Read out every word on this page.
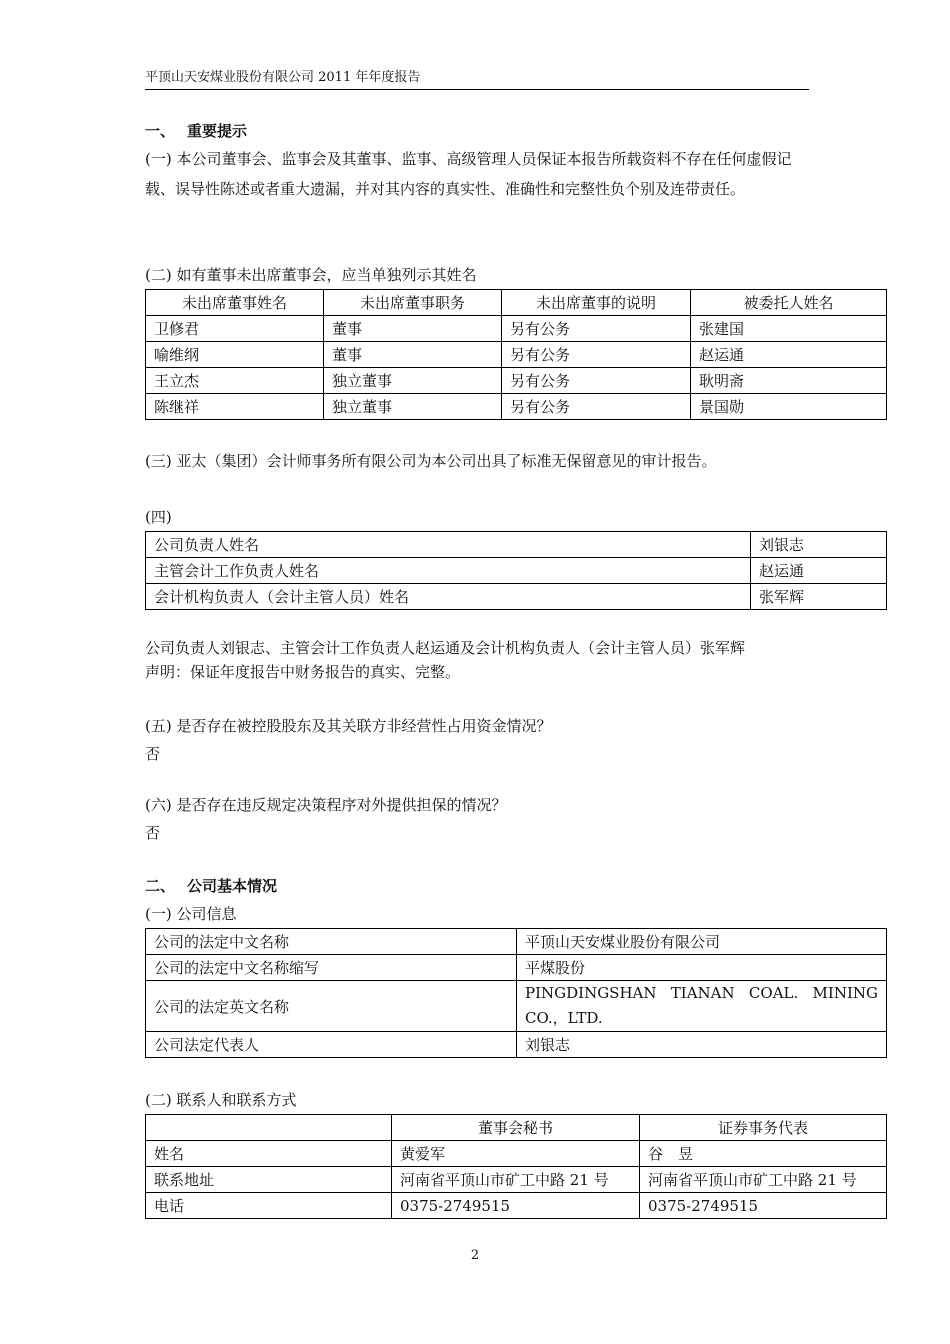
平顶山天安煤业股份有限公司 2011 年年度报告
一、 重要提示
(一) 本公司董事会、监事会及其董事、监事、高级管理人员保证本报告所载资料不存在任何虚假记载、误导性陈述或者重大遗漏，并对其内容的真实性、准确性和完整性负个别及连带责任。
(二) 如有董事未出席董事会，应当单独列示其姓名
未出席董事姓名	未出席董事职务	未出席董事的说明	被委托人姓名
卫修君	董事	另有公务	张建国
喻维纲	董事	另有公务	赵运通
王立杰	独立董事	另有公务	耿明斋
陈继祥	独立董事	另有公务	景国勋
(三) 亚太（集团）会计师事务所有限公司为本公司出具了标准无保留意见的审计报告。
(四)
公司负责人姓名	刘银志
主管会计工作负责人姓名	赵运通
会计机构负责人（会计主管人员）姓名	张军辉
公司负责人刘银志、主管会计工作负责人赵运通及会计机构负责人（会计主管人员）张军辉
声明：保证年度报告中财务报告的真实、完整。
(五) 是否存在被控股股东及其关联方非经营性占用资金情况？
否
(六) 是否存在违反规定决策程序对外提供担保的情况？
否
二、 公司基本情况
(一) 公司信息
公司的法定中文名称	平顶山天安煤业股份有限公司
公司的法定中文名称缩写	平煤股份
公司的法定英文名称	PINGDINGSHAN TIANAN COAL. MINING CO.，LTD.
公司法定代表人	刘银志
(二) 联系人和联系方式
	董事会秘书	证券事务代表
姓名	黄爱军	谷　昱
联系地址	河南省平顶山市矿工中路 21 号	河南省平顶山市矿工中路 21 号
电话	0375-2749515	0375-2749515
2
